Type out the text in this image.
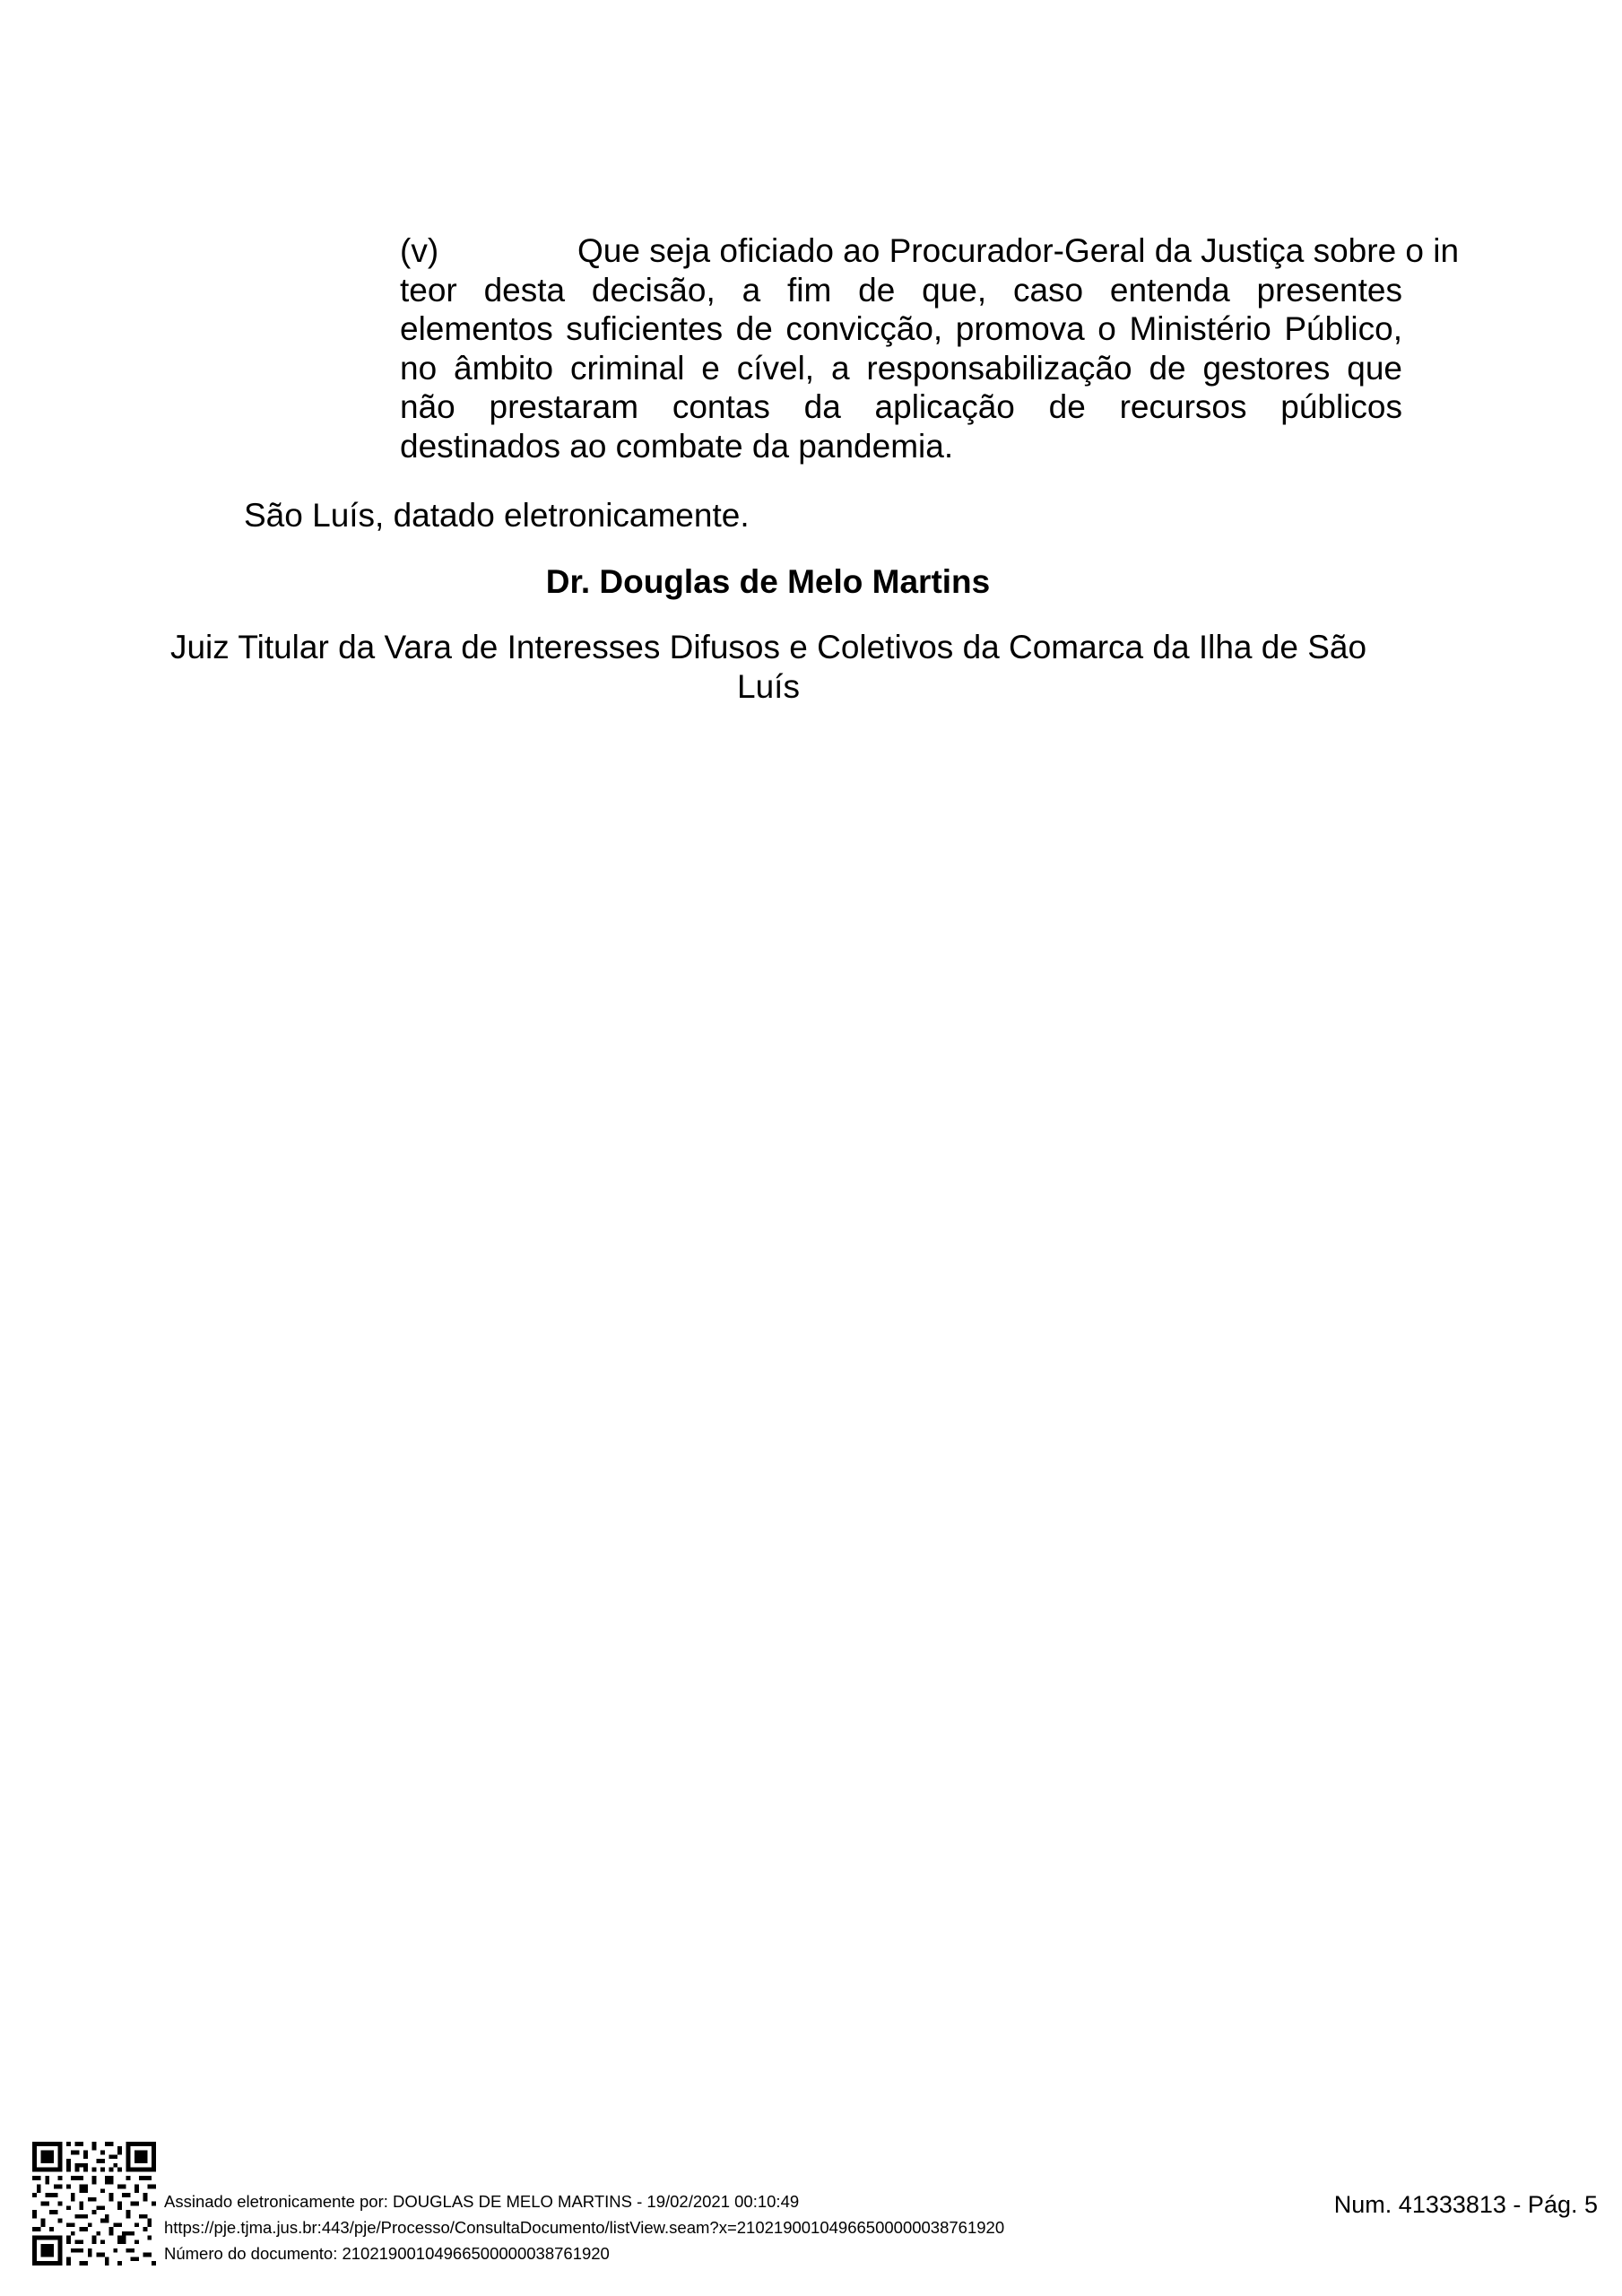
(v)	Que seja oficiado ao Procurador-Geral da Justiça sobre o in
teor desta decisão, a fim de que, caso entenda presentes
elementos suficientes de convicção, promova o Ministério Público,
no âmbito criminal e cível, a responsabilização de gestores que
não prestaram contas da aplicação de recursos públicos
destinados ao combate da pandemia.
São Luís, datado eletronicamente.
Dr. Douglas de Melo Martins
Juiz Titular da Vara de Interesses Difusos e Coletivos da Comarca da Ilha de São Luís
Assinado eletronicamente por: DOUGLAS DE MELO MARTINS - 19/02/2021 00:10:49
https://pje.tjma.jus.br:443/pje/Processo/ConsultaDocumento/listView.seam?x=21021900104966500000038761920
Número do documento: 21021900104966500000038761920
Num. 41333813 - Pág. 5
